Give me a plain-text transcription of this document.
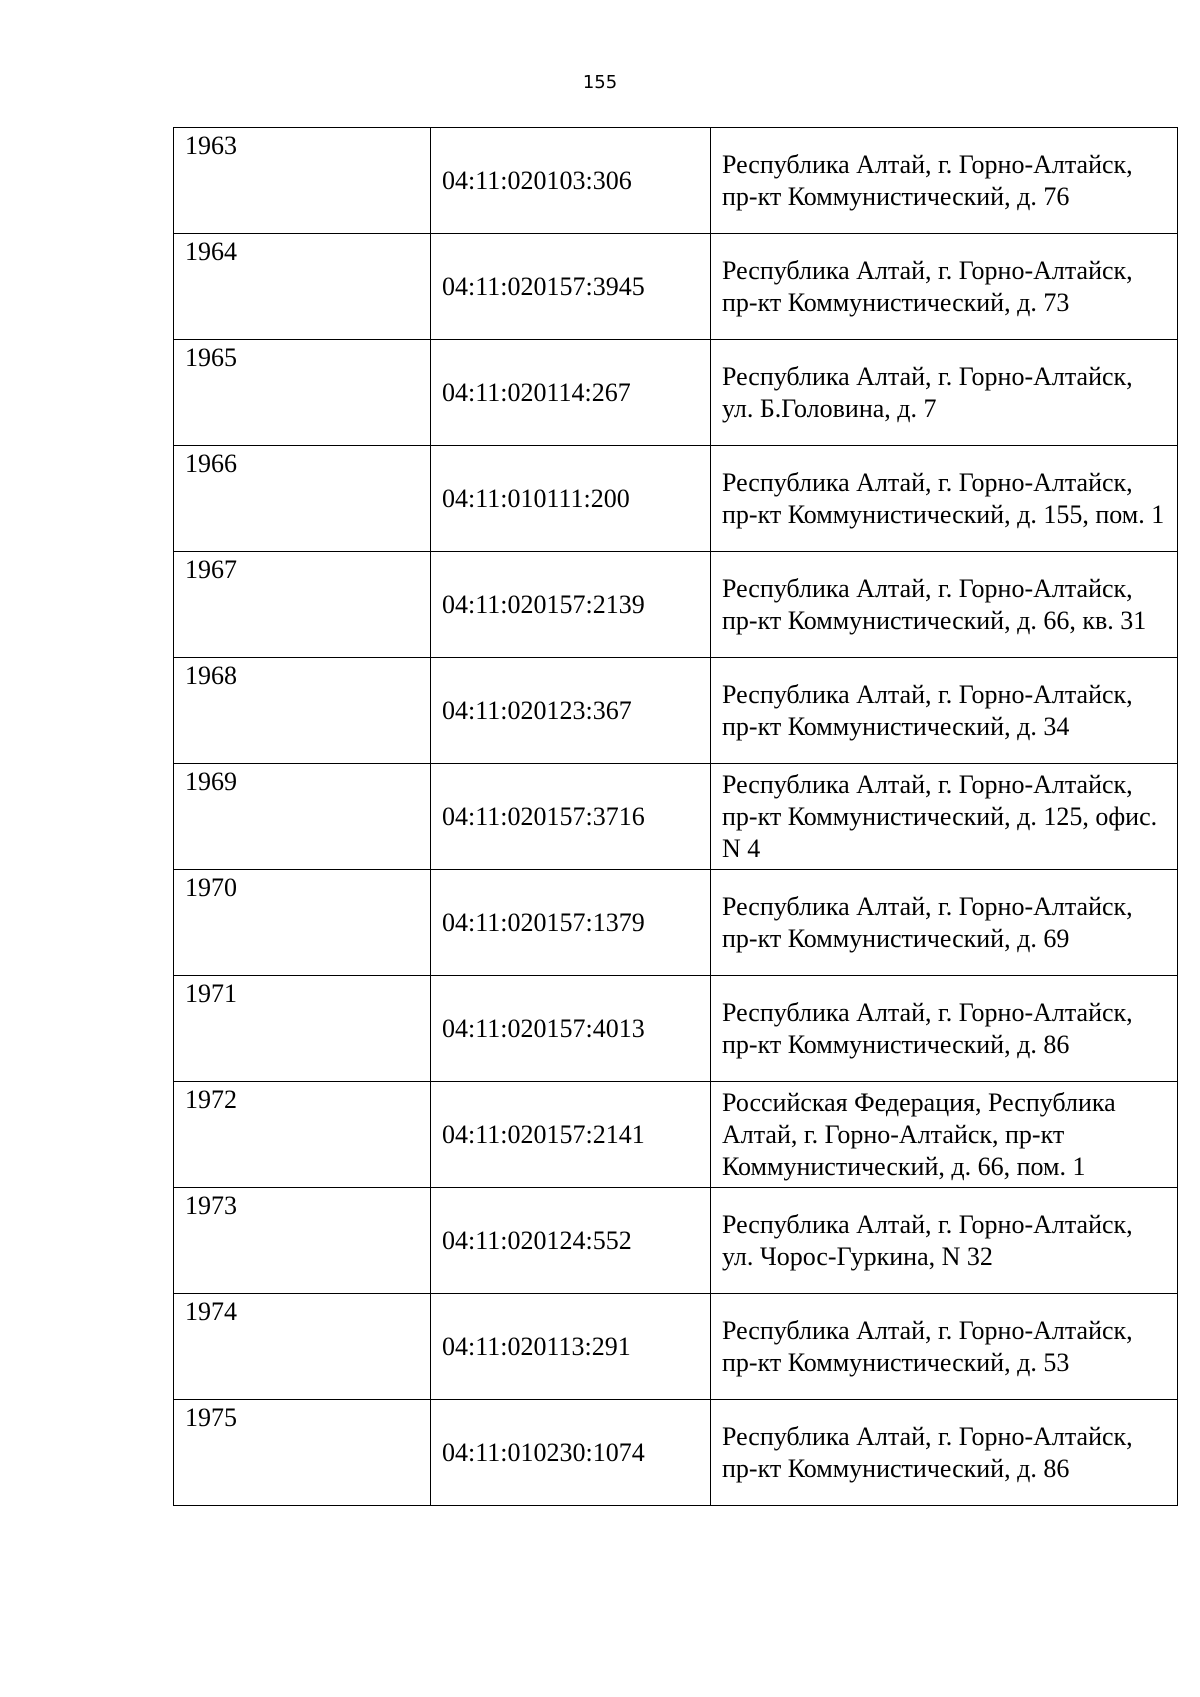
155
1963	04:11:020103:306	Республика Алтай, г. Горно-Алтайск, пр-кт Коммунистический, д. 76
1964	04:11:020157:3945	Республика Алтай, г. Горно-Алтайск, пр-кт Коммунистический, д. 73
1965	04:11:020114:267	Республика Алтай, г. Горно-Алтайск, ул. Б.Головина, д. 7
1966	04:11:010111:200	Республика Алтай, г. Горно-Алтайск, пр-кт Коммунистический, д. 155, пом. 1
1967	04:11:020157:2139	Республика Алтай, г. Горно-Алтайск, пр-кт Коммунистический, д. 66, кв. 31
1968	04:11:020123:367	Республика Алтай, г. Горно-Алтайск, пр-кт Коммунистический, д. 34
1969	04:11:020157:3716	Республика Алтай, г. Горно-Алтайск, пр-кт Коммунистический, д. 125, офис. N 4
1970	04:11:020157:1379	Республика Алтай, г. Горно-Алтайск, пр-кт Коммунистический, д. 69
1971	04:11:020157:4013	Республика Алтай, г. Горно-Алтайск, пр-кт Коммунистический, д. 86
1972	04:11:020157:2141	Российская Федерация, Республика Алтай, г. Горно-Алтайск, пр-кт Коммунистический, д. 66, пом. 1
1973	04:11:020124:552	Республика Алтай, г. Горно-Алтайск, ул. Чорос-Гуркина, N 32
1974	04:11:020113:291	Республика Алтай, г. Горно-Алтайск, пр-кт Коммунистический, д. 53
1975	04:11:010230:1074	Республика Алтай, г. Горно-Алтайск, пр-кт Коммунистический, д. 86
